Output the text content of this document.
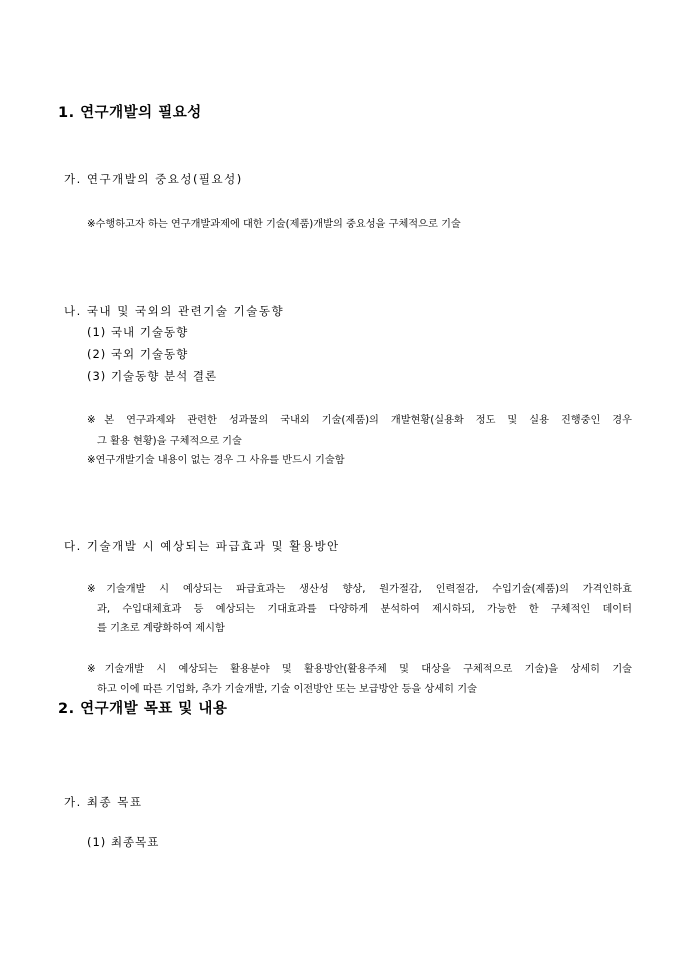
1. 연구개발의 필요성
가. 연구개발의 중요성(필요성)
※수행하고자 하는 연구개발과제에 대한 기술(제품)개발의 중요성을 구체적으로 기술
나. 국내 및 국외의 관련기술 기술동향
(1) 국내 기술동향
(2) 국외 기술동향
(3) 기술동향 분석 결론
※본 연구과제와 관련한 성과물의 국내외 기술(제품)의 개발현황(실용화 정도 및 실용 진행중인 경우
그 활용 현황)을 구체적으로 기술
※연구개발기술 내용이 없는 경우 그 사유를 반드시 기술함
다. 기술개발 시 예상되는 파급효과 및 활용방안
※기술개발 시 예상되는 파급효과는 생산성 향상, 원가절감, 인력절감, 수입기술(제품)의 가격인하효
과, 수입대체효과 등 예상되는 기대효과를 다양하게 분석하여 제시하되, 가능한 한 구체적인 데이터
를 기초로 계량화하여 제시함
※기술개발 시 예상되는 활용분야 및 활용방안(활용주체 및 대상을 구체적으로 기술)을 상세히 기술
하고 이에 따른 기업화, 추가 기술개발, 기술 이전방안 또는 보급방안 등을 상세히 기술
2. 연구개발 목표 및 내용
가. 최종 목표
(1) 최종목표
